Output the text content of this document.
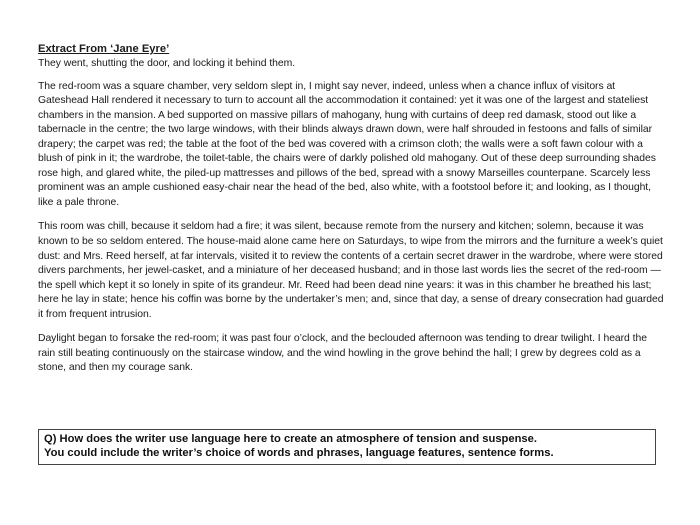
Extract From ‘Jane Eyre’

They went, shutting the door, and locking it behind them.

The red-room was a square chamber, very seldom slept in, I might say never, indeed, unless when a chance influx of visitors at Gateshead Hall rendered it necessary to turn to account all the accommodation it contained: yet it was one of the largest and stateliest chambers in the mansion. A bed supported on massive pillars of mahogany, hung with curtains of deep red damask, stood out like a tabernacle in the centre; the two large windows, with their blinds always drawn down, were half shrouded in festoons and falls of similar drapery; the carpet was red; the table at the foot of the bed was covered with a crimson cloth; the walls were a soft fawn colour with a blush of pink in it; the wardrobe, the toilet-table, the chairs were of darkly polished old mahogany. Out of these deep surrounding shades rose high, and glared white, the piled-up mattresses and pillows of the bed, spread with a snowy Marseilles counterpane. Scarcely less prominent was an ample cushioned easy-chair near the head of the bed, also white, with a footstool before it; and looking, as I thought, like a pale throne.

This room was chill, because it seldom had a fire; it was silent, because remote from the nursery and kitchen; solemn, because it was known to be so seldom entered. The house-maid alone came here on Saturdays, to wipe from the mirrors and the furniture a week’s quiet dust: and Mrs. Reed herself, at far intervals, visited it to review the contents of a certain secret drawer in the wardrobe, where were stored divers parchments, her jewel-casket, and a miniature of her deceased husband; and in those last words lies the secret of the red-room — the spell which kept it so lonely in spite of its grandeur. Mr. Reed had been dead nine years: it was in this chamber he breathed his last; here he lay in state; hence his coffin was borne by the undertaker’s men; and, since that day, a sense of dreary consecration had guarded it from frequent intrusion.

Daylight began to forsake the red-room; it was past four o’clock, and the beclouded afternoon was tending to drear twilight. I heard the rain still beating continuously on the staircase window, and the wind howling in the grove behind the hall; I grew by degrees cold as a stone, and then my courage sank.

Q) How does the writer use language here to create an atmosphere of tension and suspense.
You could include the writer’s choice of words and phrases, language features, sentence forms.
